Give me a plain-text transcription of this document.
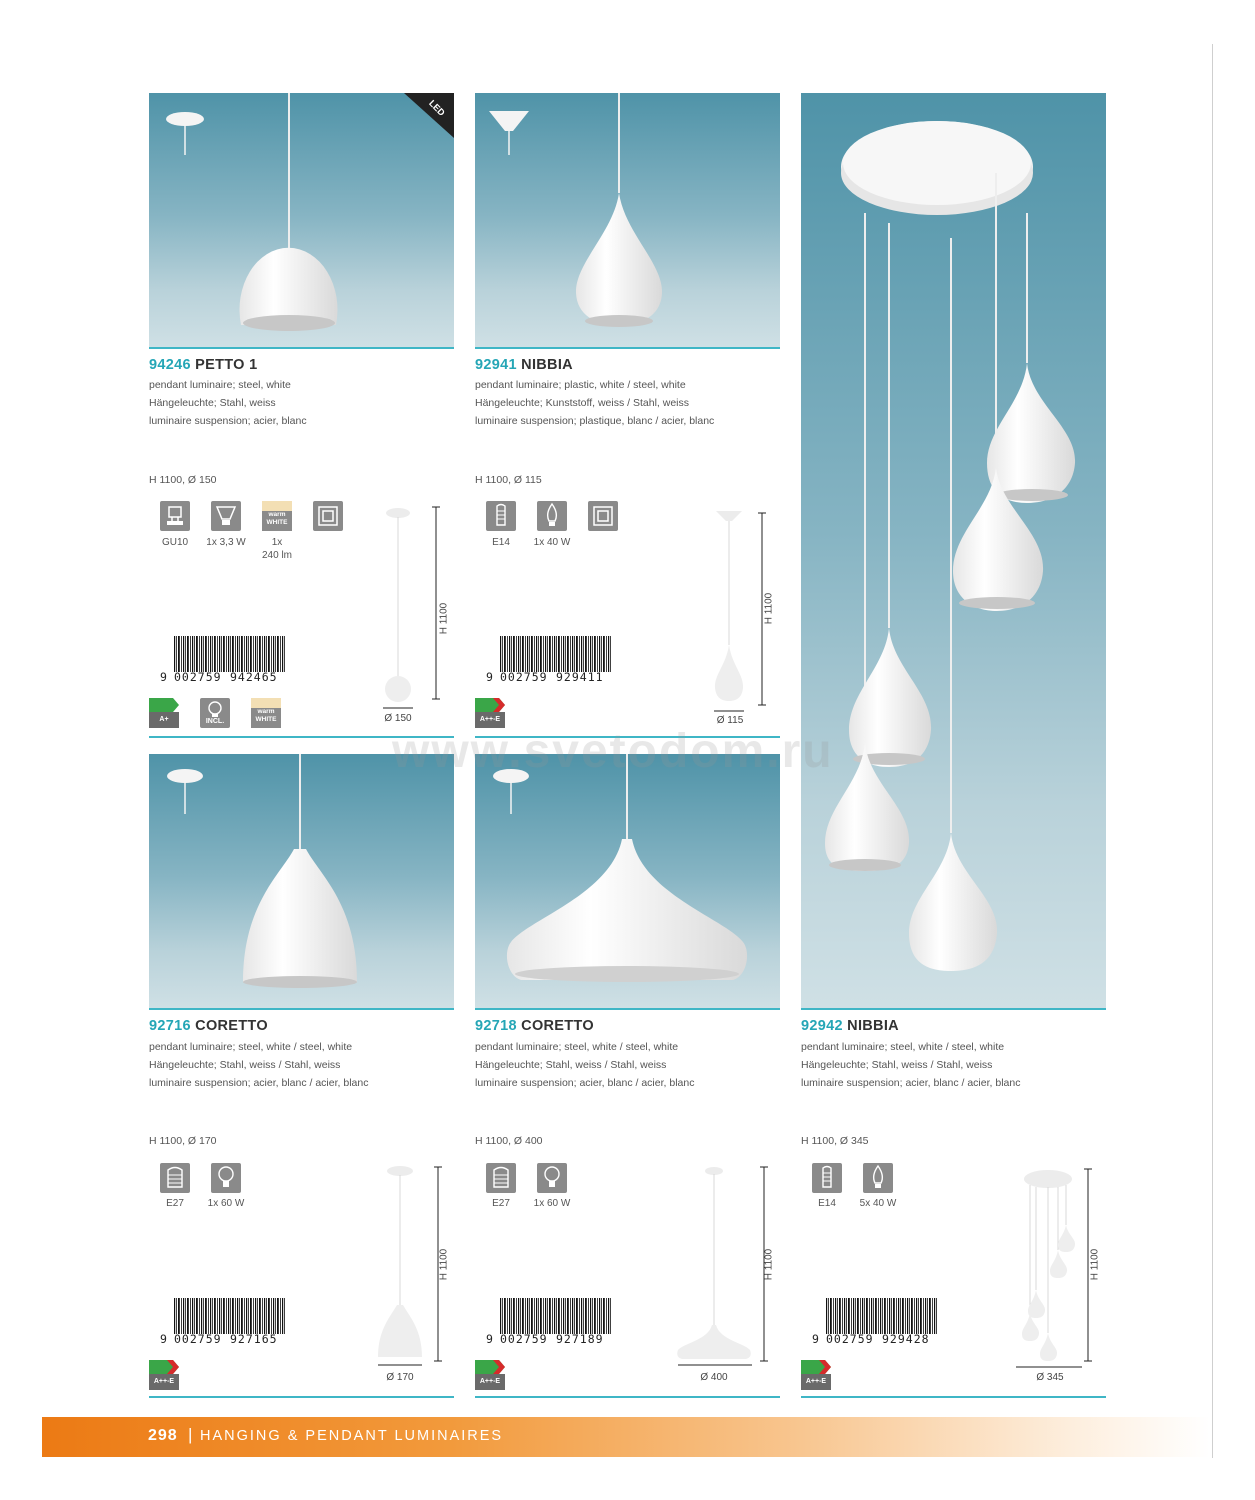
LED
94246 PETTO 1
pendant luminaire; steel, white
Hängeleuchte; Stahl, weiss
luminaire suspension; acier, blanc
H 1100, Ø 150
GU10	1x 3,3 W
warm
WHITE
1x
240 lm
9 002759 942465
A+	INCL.
warm
WHITE
H 1100
Ø 150
92941 NIBBIA
pendant luminaire; plastic, white / steel, white
Hängeleuchte; Kunststoff, weiss / Stahl, weiss
luminaire suspension; plastique, blanc / acier, blanc
H 1100, Ø 115
E14	1x 40 W
9 002759 929411
A++-E
H 1100
Ø 115
92716 CORETTO
pendant luminaire; steel, white / steel, white
Hängeleuchte; Stahl, weiss / Stahl, weiss
luminaire suspension; acier, blanc / acier, blanc
H 1100, Ø 170
E27	1x 60 W
9 002759 927165
A++-E
H 1100
Ø 170
92718 CORETTO
pendant luminaire; steel, white / steel, white
Hängeleuchte; Stahl, weiss / Stahl, weiss
luminaire suspension; acier, blanc / acier, blanc
H 1100, Ø 400
E27	1x 60 W
9 002759 927189
A++-E
H 1100
Ø 400
92942 NIBBIA
pendant luminaire; steel, white / steel, white
Hängeleuchte; Stahl, weiss / Stahl, weiss
luminaire suspension; acier, blanc / acier, blanc
H 1100, Ø 345
E14	5x 40 W
9 002759 929428
A++-E
H 1100
Ø 345
www.svetodom.ru
298 | HANGING & PENDANT LUMINAIRES
